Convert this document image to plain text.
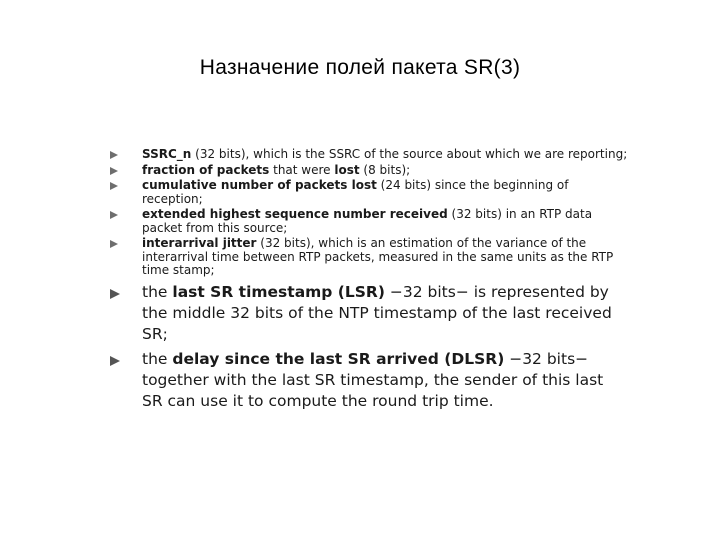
Назначение полей пакета SR(3)
SSRC_n (32 bits), which is the SSRC of the source about which we are reporting;
fraction of packets that were lost (8 bits);
cumulative number of packets lost (24 bits) since the beginning of reception;
extended highest sequence number received (32 bits) in an RTP data packet from this source;
interarrival jitter (32 bits), which is an estimation of the variance of the interarrival time between RTP packets, measured in the same units as the RTP time stamp;
the last SR timestamp (LSR) −32 bits− is represented by the middle 32 bits of the NTP timestamp of the last received SR;
the delay since the last SR arrived (DLSR) −32 bits− together with the last SR timestamp, the sender of this last SR can use it to compute the round trip time.
